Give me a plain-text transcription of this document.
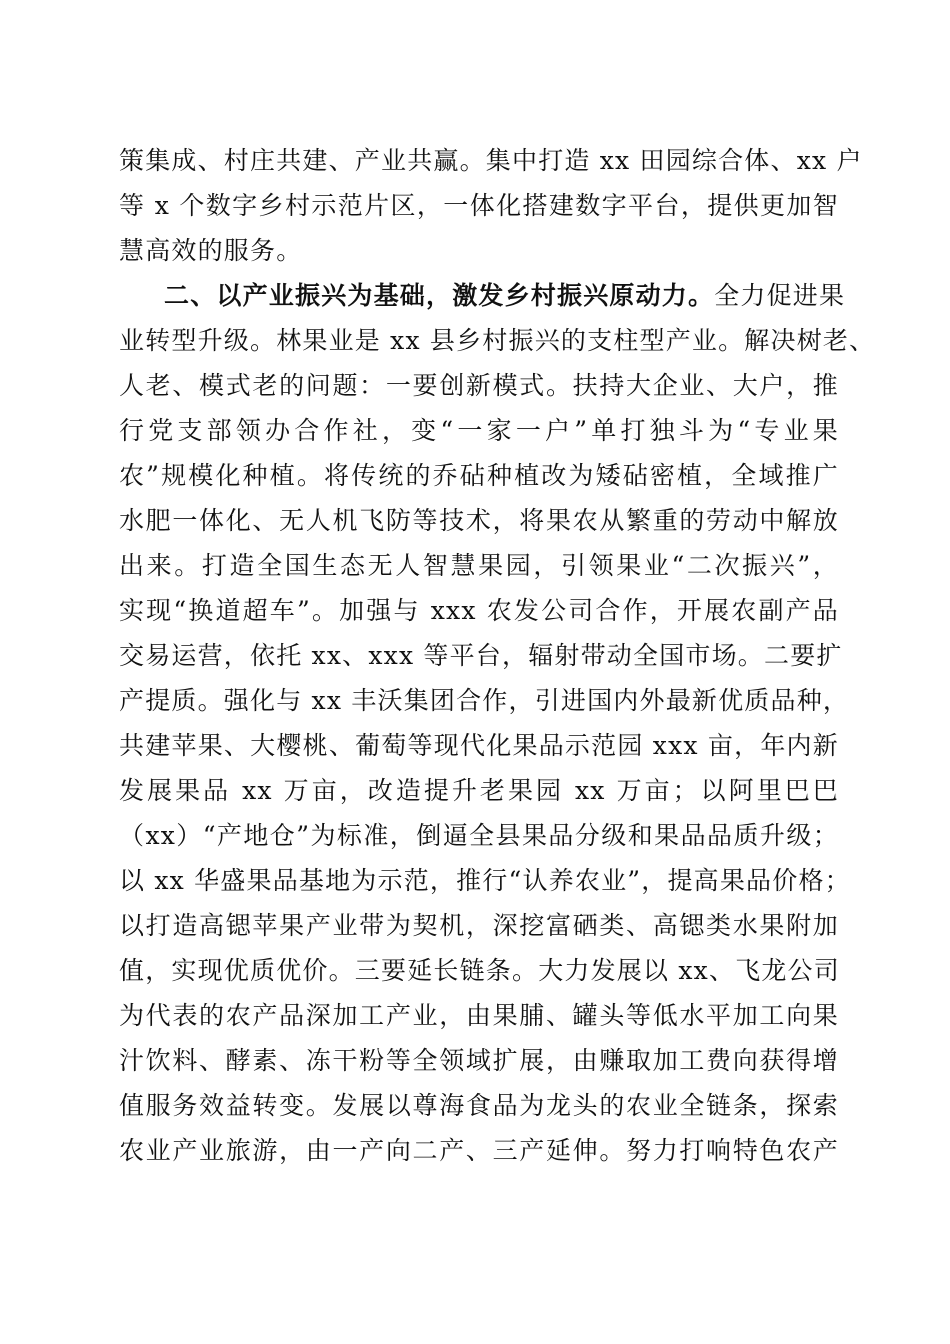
策集成、村庄共建、产业共赢。集中打造 xx 田园综合体、xx 户
等 x 个数字乡村示范片区，一体化搭建数字平台，提供更加智
慧高效的服务。
二、以产业振兴为基础，激发乡村振兴原动力。全力促进果
业转型升级。林果业是 xx 县乡村振兴的支柱型产业。解决树老、
人老、模式老的问题：一要创新模式。扶持大企业、大户，推
行党支部领办合作社，变“一家一户”单打独斗为“专业果
农”规模化种植。将传统的乔砧种植改为矮砧密植，全域推广
水肥一体化、无人机飞防等技术，将果农从繁重的劳动中解放
出来。打造全国生态无人智慧果园，引领果业“二次振兴”，
实现“换道超车”。加强与 xxx 农发公司合作，开展农副产品
交易运营，依托 xx、xxx 等平台，辐射带动全国市场。二要扩
产提质。强化与 xx 丰沃集团合作，引进国内外最新优质品种，
共建苹果、大樱桃、葡萄等现代化果品示范园 xxx 亩，年内新
发展果品 xx 万亩，改造提升老果园 xx 万亩；以阿里巴巴
（xx）“产地仓”为标准，倒逼全县果品分级和果品品质升级；
以 xx 华盛果品基地为示范，推行“认养农业”，提高果品价格；
以打造高锶苹果产业带为契机，深挖富硒类、高锶类水果附加
值，实现优质优价。三要延长链条。大力发展以 xx、飞龙公司
为代表的农产品深加工产业，由果脯、罐头等低水平加工向果
汁饮料、酵素、冻干粉等全领域扩展，由赚取加工费向获得增
值服务效益转变。发展以尊海食品为龙头的农业全链条，探索
农业产业旅游，由一产向二产、三产延伸。努力打响特色农产
